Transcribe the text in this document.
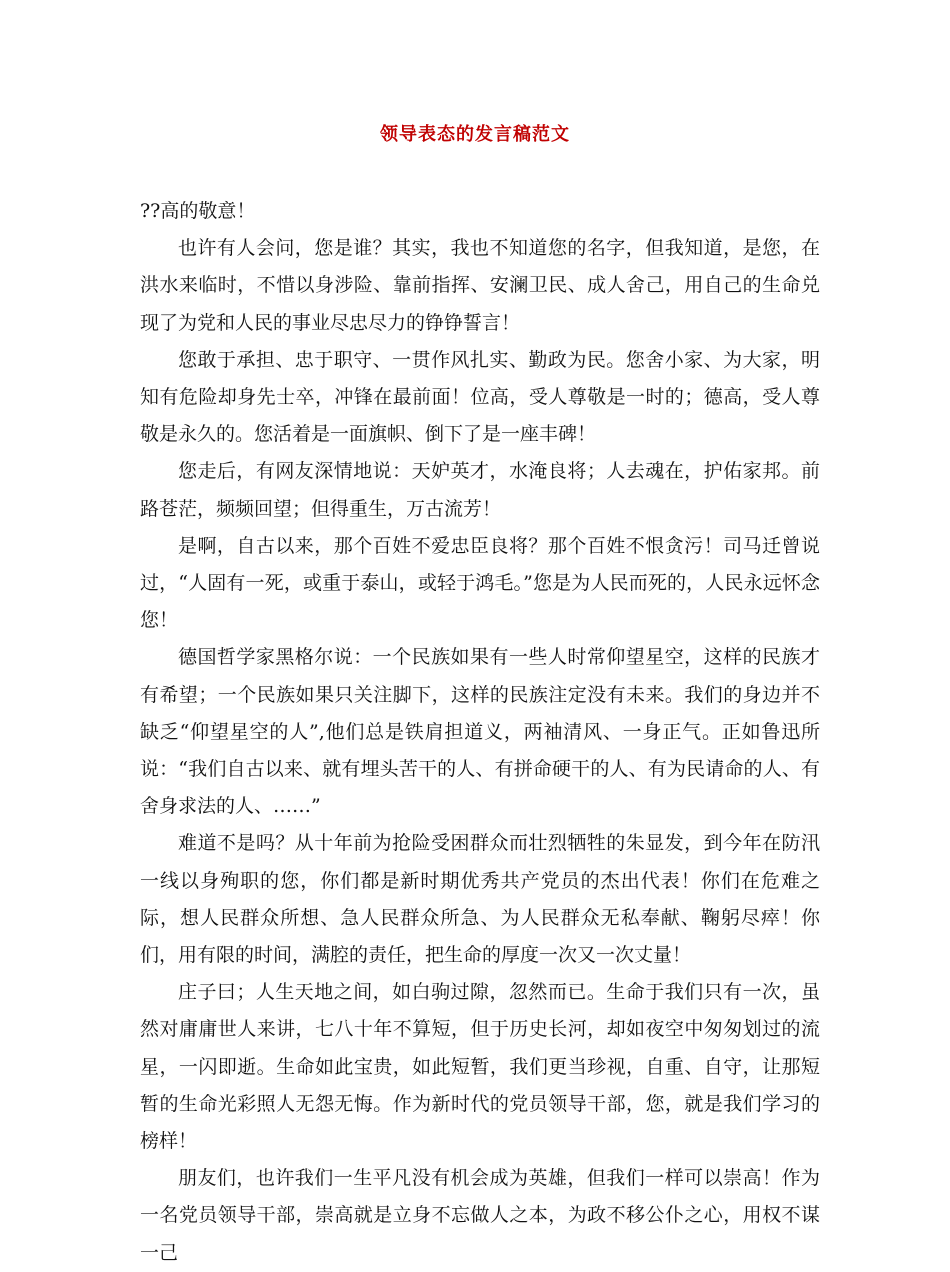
领导表态的发言稿范文

??高的敬意！

也许有人会问，您是谁？其实，我也不知道您的名字，但我知道，是您，在洪水来临时，不惜以身涉险、靠前指挥、安澜卫民、成人舍己，用自己的生命兑现了为党和人民的事业尽忠尽力的铮铮誓言！

您敢于承担、忠于职守、一贯作风扎实、勤政为民。您舍小家、为大家，明知有危险却身先士卒，冲锋在最前面！位高，受人尊敬是一时的；德高，受人尊敬是永久的。您活着是一面旗帜、倒下了是一座丰碑！

您走后，有网友深情地说：天妒英才，水淹良将；人去魂在，护佑家邦。前路苍茫，频频回望；但得重生，万古流芳！

是啊，自古以来，那个百姓不爱忠臣良将？那个百姓不恨贪污！司马迁曾说过，“人固有一死，或重于泰山，或轻于鸿毛。”您是为人民而死的，人民永远怀念您！

德国哲学家黑格尔说：一个民族如果有一些人时常仰望星空，这样的民族才有希望；一个民族如果只关注脚下，这样的民族注定没有未来。我们的身边并不缺乏“仰望星空的人”,他们总是铁肩担道义，两袖清风、一身正气。正如鲁迅所说：“我们自古以来、就有埋头苦干的人、有拼命硬干的人、有为民请命的人、有舍身求法的人、……”

难道不是吗？从十年前为抢险受困群众而壮烈牺牲的朱显发，到今年在防汛一线以身殉职的您，你们都是新时期优秀共产党员的杰出代表！你们在危难之际，想人民群众所想、急人民群众所急、为人民群众无私奉献、鞠躬尽瘁！你们，用有限的时间，满腔的责任，把生命的厚度一次又一次丈量！

庄子曰；人生天地之间，如白驹过隙，忽然而已。生命于我们只有一次，虽然对庸庸世人来讲，七八十年不算短，但于历史长河，却如夜空中匆匆划过的流星，一闪即逝。生命如此宝贵，如此短暂，我们更当珍视，自重、自守，让那短暂的生命光彩照人无怨无悔。作为新时代的党员领导干部，您，就是我们学习的榜样！

朋友们，也许我们一生平凡没有机会成为英雄，但我们一样可以崇高！作为一名党员领导干部，崇高就是立身不忘做人之本，为政不移公仆之心，用权不谋一己
